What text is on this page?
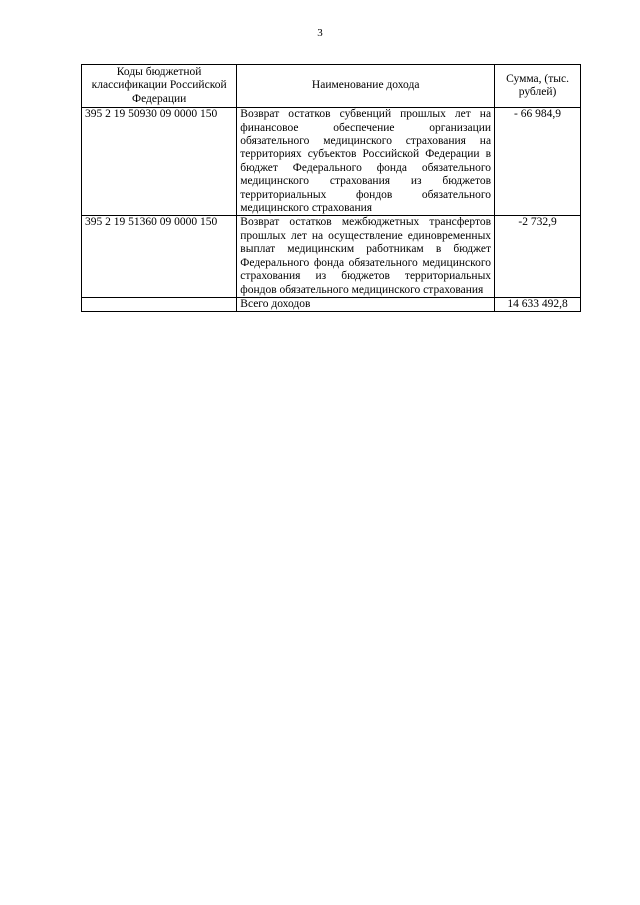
3
Коды бюджетной классификации Российской Федерации	Наименование дохода	Сумма, (тыс. рублей)
395 2 19 50930 09 0000 150	Возврат остатков субвенций прошлых лет на финансовое обеспечение организации обязательного медицинского страхования на территориях субъектов Российской Федерации в бюджет Федерального фонда обязательного медицинского страхования из бюджетов территориальных фондов обязательного медицинского страхования	- 66 984,9
395 2 19 51360 09 0000 150	Возврат остатков межбюджетных трансфертов прошлых лет на осуществление единовременных выплат медицинским работникам в бюджет Федерального фонда обязательного медицинского страхования из бюджетов территориальных фондов обязательного медицинского страхования	-2 732,9
	Всего доходов	14 633 492,8
